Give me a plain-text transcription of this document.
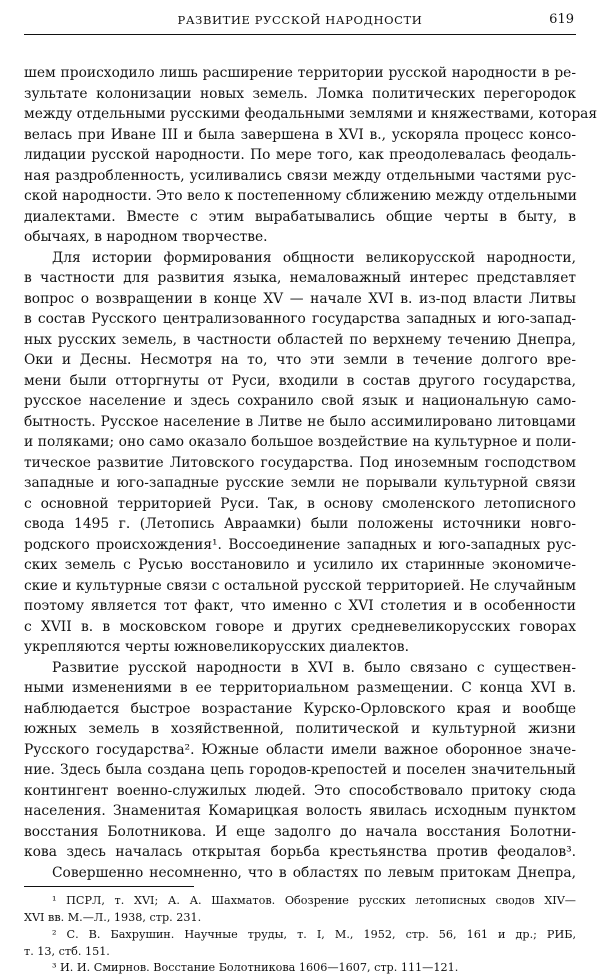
РАЗВИТИЕ РУССКОЙ НАРОДНОСТИ	619
шем происходило лишь расширение территории русской народности в ре-
зультате колонизации новых земель. Ломка политических перегородок
между отдельными русскими феодальными землями и княжествами, которая
велась при Иване III и была завершена в XVI в., ускоряла процесс консо-
лидации русской народности. По мере того, как преодолевалась феодаль-
ная раздробленность, усиливались связи между отдельными частями рус-
ской народности. Это вело к постепенному сближению между отдельными
диалектами. Вместе с этим вырабатывались общие черты в быту, в
обычаях, в народном творчестве.
Для истории формирования общности великорусской народности,
в частности для развития языка, немаловажный интерес представляет
вопрос о возвращении в конце XV — начале XVI в. из-под власти Литвы
в состав Русского централизованного государства западных и юго-запад-
ных русских земель, в частности областей по верхнему течению Днепра,
Оки и Десны. Несмотря на то, что эти земли в течение долгого вре-
мени были отторгнуты от Руси, входили в состав другого государства,
русское население и здесь сохранило свой язык и национальную само-
бытность. Русское население в Литве не было ассимилировано литовцами
и поляками; оно само оказало большое воздействие на культурное и поли-
тическое развитие Литовского государства. Под иноземным господством
западные и юго-западные русские земли не порывали культурной связи
с основной территорией Руси. Так, в основу смоленского летописного
свода 1495 г. (Летопись Авраамки) были положены источники новго-
родского происхождения¹. Воссоединение западных и юго-западных рус-
ских земель с Русью восстановило и усилило их старинные экономиче-
ские и культурные связи с остальной русской территорией. Не случайным
поэтому является тот факт, что именно с XVI столетия и в особенности
с XVII в. в московском говоре и других средневеликорусских говорах
укрепляются черты южновеликорусских диалектов.
Развитие русской народности в XVI в. было связано с существен-
ными изменениями в ее территориальном размещении. С конца XVI в.
наблюдается быстрое возрастание Курско-Орловского края и вообще
южных земель в хозяйственной, политической и культурной жизни
Русского государства². Южные области имели важное оборонное значе-
ние. Здесь была создана цепь городов-крепостей и поселен значительный
контингент военно-служилых людей. Это способствовало притоку сюда
населения. Знаменитая Комарицкая волость явилась исходным пунктом
восстания Болотникова. И еще задолго до начала восстания Болотни-
кова здесь началась открытая борьба крестьянства против феодалов³.
Совершенно несомненно, что в областях по левым притокам Днепра,
¹ ПСРЛ, т. XVI; А. А. Шахматов. Обозрение русских летописных сводов XIV—
XVI вв. М.—Л., 1938, стр. 231.
² С. В. Бахрушин. Научные труды, т. I, М., 1952, стр. 56, 161 и др.; РИБ,
т. 13, стб. 151.
³ И. И. Смирнов. Восстание Болотникова 1606—1607, стр. 111—121.
